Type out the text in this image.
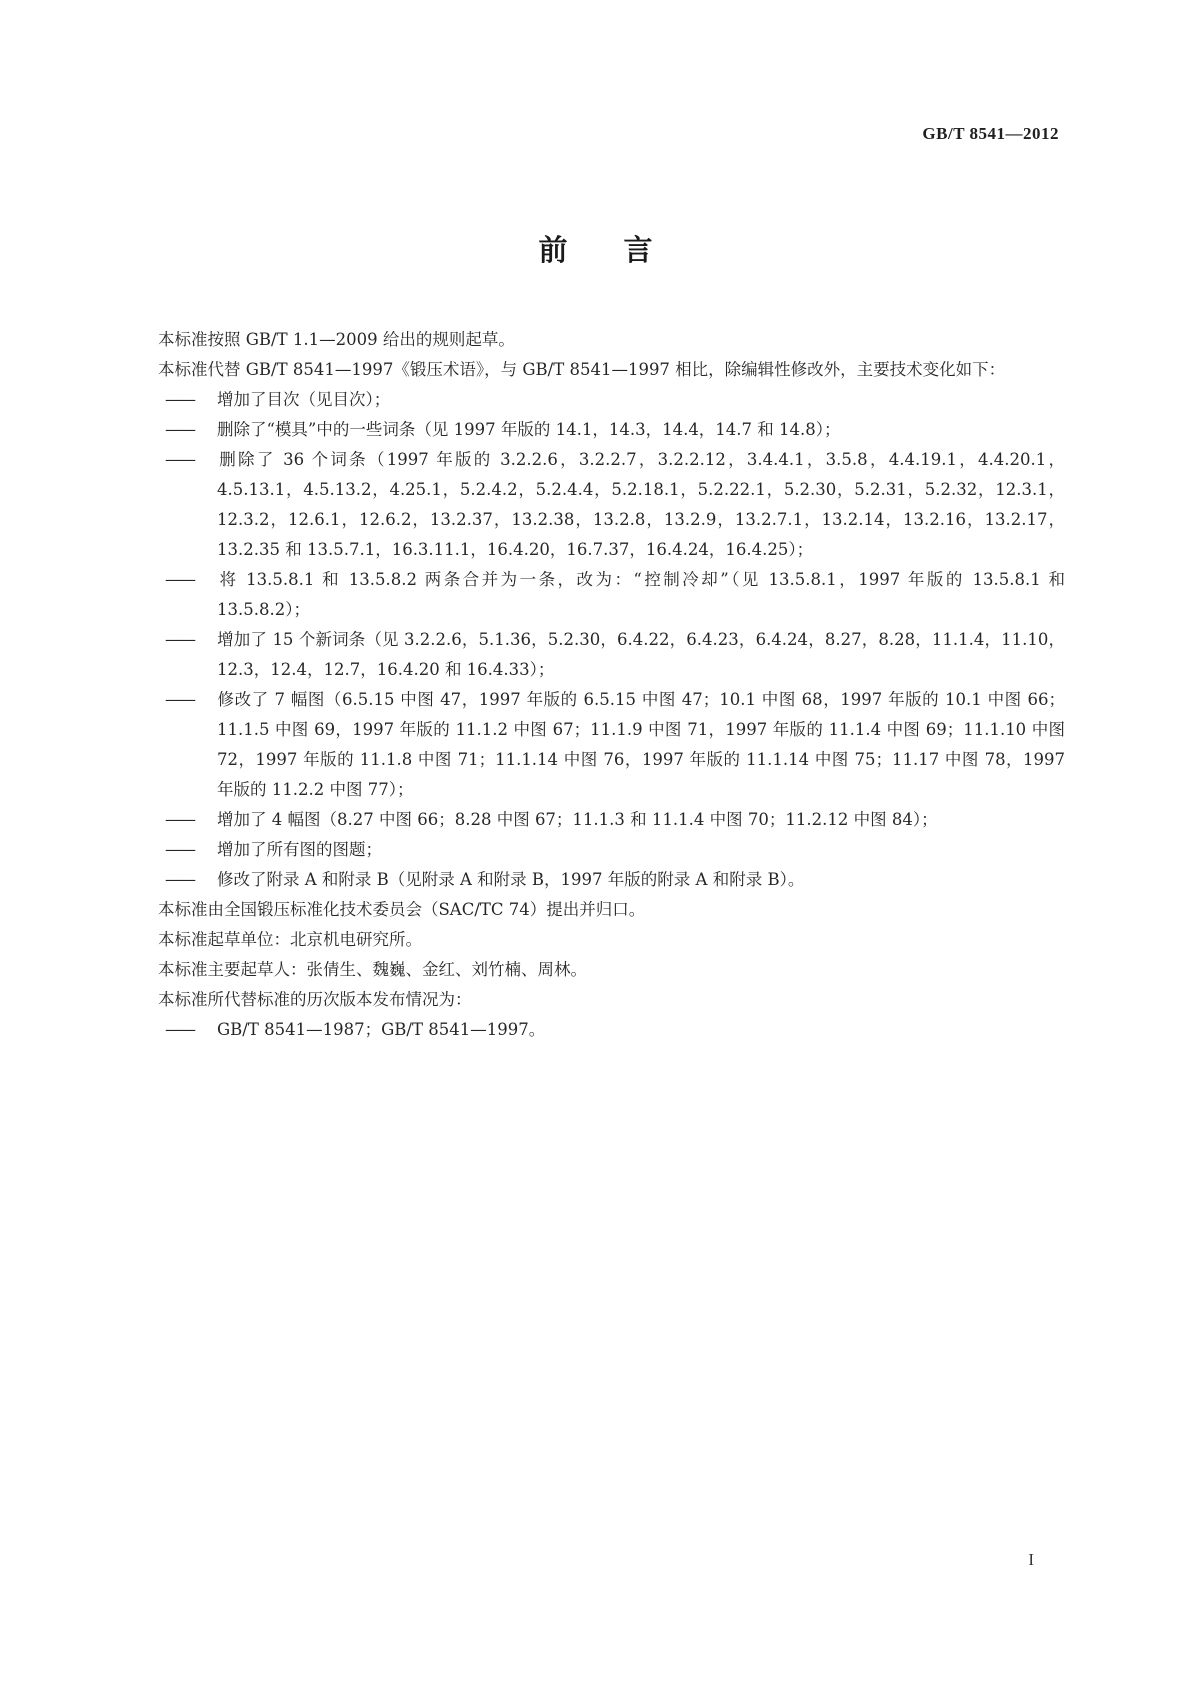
GB/T 8541—2012
前言

本标准按照 GB/T 1.1—2009 给出的规则起草。

本标准代替 GB/T 8541—1997《锻压术语》，与 GB/T 8541—1997 相比，除编辑性修改外，主要技术变化如下：

—— 增加了目次（见目次）；

—— 删除了“模具”中的一些词条（见 1997 年版的 14.1，14.3，14.4，14.7 和 14.8）；

—— 删除了 36 个词条（1997 年版的 3.2.2.6，3.2.2.7，3.2.2.12，3.4.4.1，3.5.8，4.4.19.1，4.4.20.1，4.5.13.1，4.5.13.2，4.25.1，5.2.4.2，5.2.4.4，5.2.18.1，5.2.22.1，5.2.30，5.2.31，5.2.32，12.3.1，12.3.2，12.6.1，12.6.2，13.2.37，13.2.38，13.2.8，13.2.9，13.2.7.1，13.2.14，13.2.16，13.2.17，13.2.35 和 13.5.7.1，16.3.11.1，16.4.20，16.7.37，16.4.24，16.4.25）；

—— 将 13.5.8.1 和 13.5.8.2 两条合并为一条，改为：“控制冷却”（见 13.5.8.1，1997 年版的 13.5.8.1 和 13.5.8.2）；

—— 增加了 15 个新词条（见 3.2.2.6，5.1.36，5.2.30，6.4.22，6.4.23，6.4.24，8.27，8.28，11.1.4，11.10，12.3，12.4，12.7，16.4.20 和 16.4.33）；

—— 修改了 7 幅图（6.5.15 中图 47，1997 年版的 6.5.15 中图 47；10.1 中图 68，1997 年版的 10.1 中图 66；11.1.5 中图 69，1997 年版的 11.1.2 中图 67；11.1.9 中图 71，1997 年版的 11.1.4 中图 69；11.1.10 中图 72，1997 年版的 11.1.8 中图 71；11.1.14 中图 76，1997 年版的 11.1.14 中图 75；11.17 中图 78，1997 年版的 11.2.2 中图 77）；

—— 增加了 4 幅图（8.27 中图 66；8.28 中图 67；11.1.3 和 11.1.4 中图 70；11.2.12 中图 84）；

—— 增加了所有图的图题；

—— 修改了附录 A 和附录 B（见附录 A 和附录 B，1997 年版的附录 A 和附录 B）。

本标准由全国锻压标准化技术委员会（SAC/TC 74）提出并归口。

本标准起草单位：北京机电研究所。

本标准主要起草人：张倩生、魏巍、金红、刘竹楠、周林。

本标准所代替标准的历次版本发布情况为：

—— GB/T 8541—1987；GB/T 8541—1997。

I
